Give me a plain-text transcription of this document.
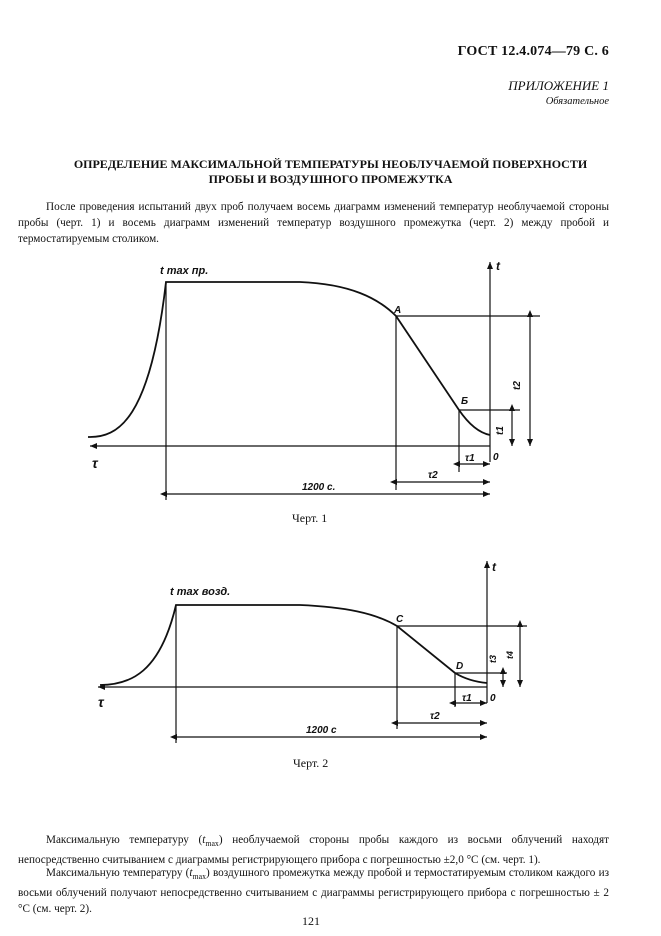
ГОСТ 12.4.074—79 С. 6
ПРИЛОЖЕНИЕ 1
Обязательное
ОПРЕДЕЛЕНИЕ МАКСИМАЛЬНОЙ ТЕМПЕРАТУРЫ НЕОБЛУЧАЕМОЙ ПОВЕРХНОСТИ
ПРОБЫ И ВОЗДУШНОГО ПРОМЕЖУТКА
После проведения испытаний двух проб получаем восемь диаграмм изменений температур необлучаемой стороны пробы (черт. 1) и восемь диаграмм изменений температур воздушного промежутка (черт. 2) между пробой и термостатируемым столиком.
t max пр.	t
τ
А
Б
0
t2
t1
τ1
τ2
1200 с.
Черт. 1
t max возд.
t
τ
С
D
0
t3 t4
τ1
τ2
1200 с
Черт. 2
Максимальную температуру $(t_{max})$ необлучаемой стороны пробы каждого из восьми облучений находят непосредственно считыванием с диаграммы регистрирующего прибора с погрешностью ±2,0 °С (см. черт. 1).
Максимальную температуру $(t_{max})$ воздушного промежутка между пробой и термостатируемым столиком каждого из восьми облучений получают непосредственно считыванием с диаграммы регистрирующего прибора с погрешностью ± 2 °С (см. черт. 2).
121
